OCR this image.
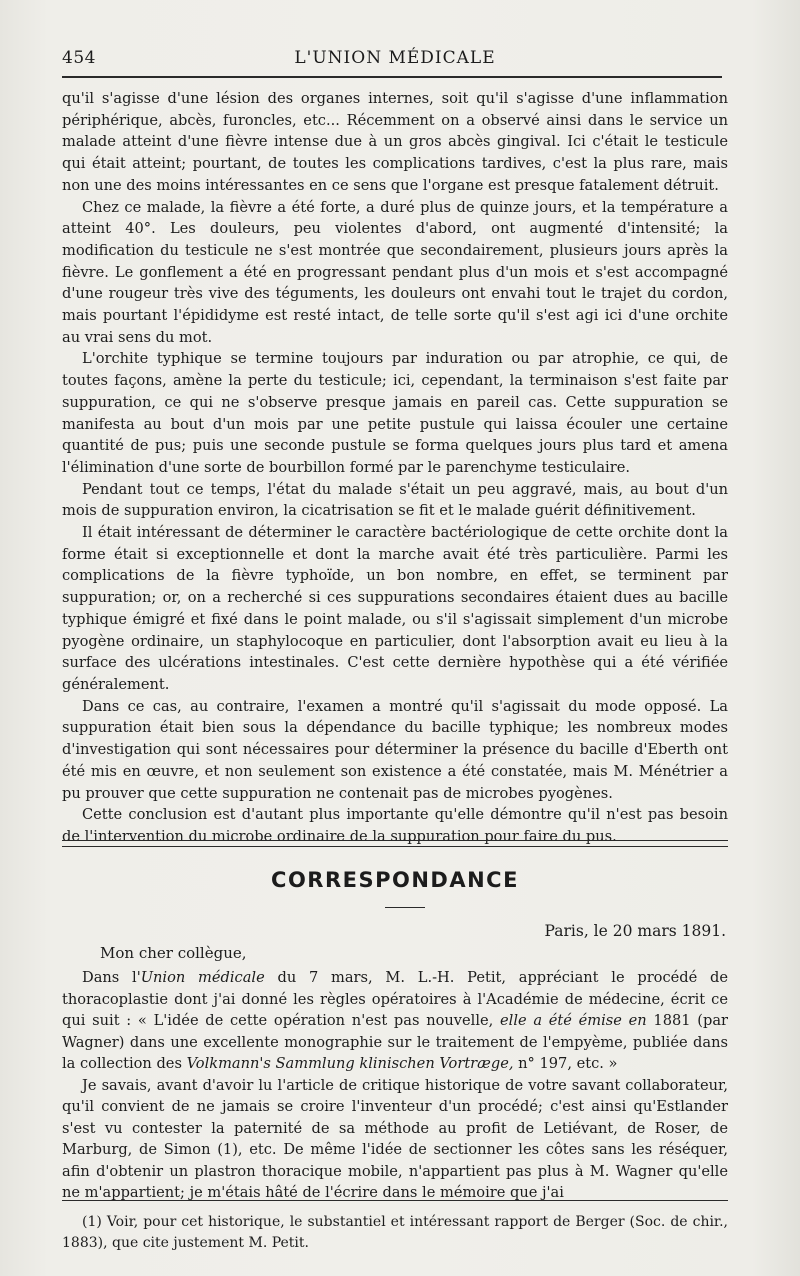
454	L'UNION MÉDICALE

qu'il s'agisse d'une lésion des organes internes, soit qu'il s'agisse d'une inflammation périphérique, abcès, furoncles, etc... Récemment on a observé ainsi dans le service un malade atteint d'une fièvre intense due à un gros abcès gingival. Ici c'était le testicule qui était atteint; pourtant, de toutes les complications tardives, c'est la plus rare, mais non une des moins intéressantes en ce sens que l'organe est presque fatalement détruit.

Chez ce malade, la fièvre a été forte, a duré plus de quinze jours, et la température a atteint 40°. Les douleurs, peu violentes d'abord, ont augmenté d'intensité; la modification du testicule ne s'est montrée que secondairement, plusieurs jours après la fièvre. Le gonflement a été en progressant pendant plus d'un mois et s'est accompagné d'une rougeur très vive des téguments, les douleurs ont envahi tout le trajet du cordon, mais pourtant l'épididyme est resté intact, de telle sorte qu'il s'est agi ici d'une orchite au vrai sens du mot.

L'orchite typhique se termine toujours par induration ou par atrophie, ce qui, de toutes façons, amène la perte du testicule; ici, cependant, la terminaison s'est faite par suppuration, ce qui ne s'observe presque jamais en pareil cas. Cette suppuration se manifesta au bout d'un mois par une petite pustule qui laissa écouler une certaine quantité de pus; puis une seconde pustule se forma quelques jours plus tard et amena l'élimination d'une sorte de bourbillon formé par le parenchyme testiculaire.

Pendant tout ce temps, l'état du malade s'était un peu aggravé, mais, au bout d'un mois de suppuration environ, la cicatrisation se fit et le malade guérit définitivement.

Il était intéressant de déterminer le caractère bactériologique de cette orchite dont la forme était si exceptionnelle et dont la marche avait été très particulière. Parmi les complications de la fièvre typhoïde, un bon nombre, en effet, se terminent par suppuration; or, on a recherché si ces suppurations secondaires étaient dues au bacille typhique émigré et fixé dans le point malade, ou s'il s'agissait simplement d'un microbe pyogène ordinaire, un staphylocoque en particulier, dont l'absorption avait eu lieu à la surface des ulcérations intestinales. C'est cette dernière hypothèse qui a été vérifiée généralement.

Dans ce cas, au contraire, l'examen a montré qu'il s'agissait du mode opposé. La suppuration était bien sous la dépendance du bacille typhique; les nombreux modes d'investigation qui sont nécessaires pour déterminer la présence du bacille d'Eberth ont été mis en œuvre, et non seulement son existence a été constatée, mais M. Ménétrier a pu prouver que cette suppuration ne contenait pas de microbes pyogènes.

Cette conclusion est d'autant plus importante qu'elle démontre qu'il n'est pas besoin de l'intervention du microbe ordinaire de la suppuration pour faire du pus.

CORRESPONDANCE
Paris, le 20 mars 1891.

Mon cher collègue,

Dans l'Union médicale du 7 mars, M. L.-H. Petit, appréciant le procédé de thoracoplastie dont j'ai donné les règles opératoires à l'Académie de médecine, écrit ce qui suit : « L'idée de cette opération n'est pas nouvelle, elle a été émise en 1881 (par Wagner) dans une excellente monographie sur le traitement de l'empyème, publiée dans la collection des Volkmann's Sammlung klinischen Vortræge, n° 197, etc. »

Je savais, avant d'avoir lu l'article de critique historique de votre savant collaborateur, qu'il convient de ne jamais se croire l'inventeur d'un procédé; c'est ainsi qu'Estlander s'est vu contester la paternité de sa méthode au profit de Letiévant, de Roser, de Marburg, de Simon (1), etc. De même l'idée de sectionner les côtes sans les réséquer, afin d'obtenir un plastron thoracique mobile, n'appartient pas plus à M. Wagner qu'elle ne m'appartient; je m'étais hâté de l'écrire dans le mémoire que j'ai

(1) Voir, pour cet historique, le substantiel et intéressant rapport de Berger (Soc. de chir., 1883), que cite justement M. Petit.
